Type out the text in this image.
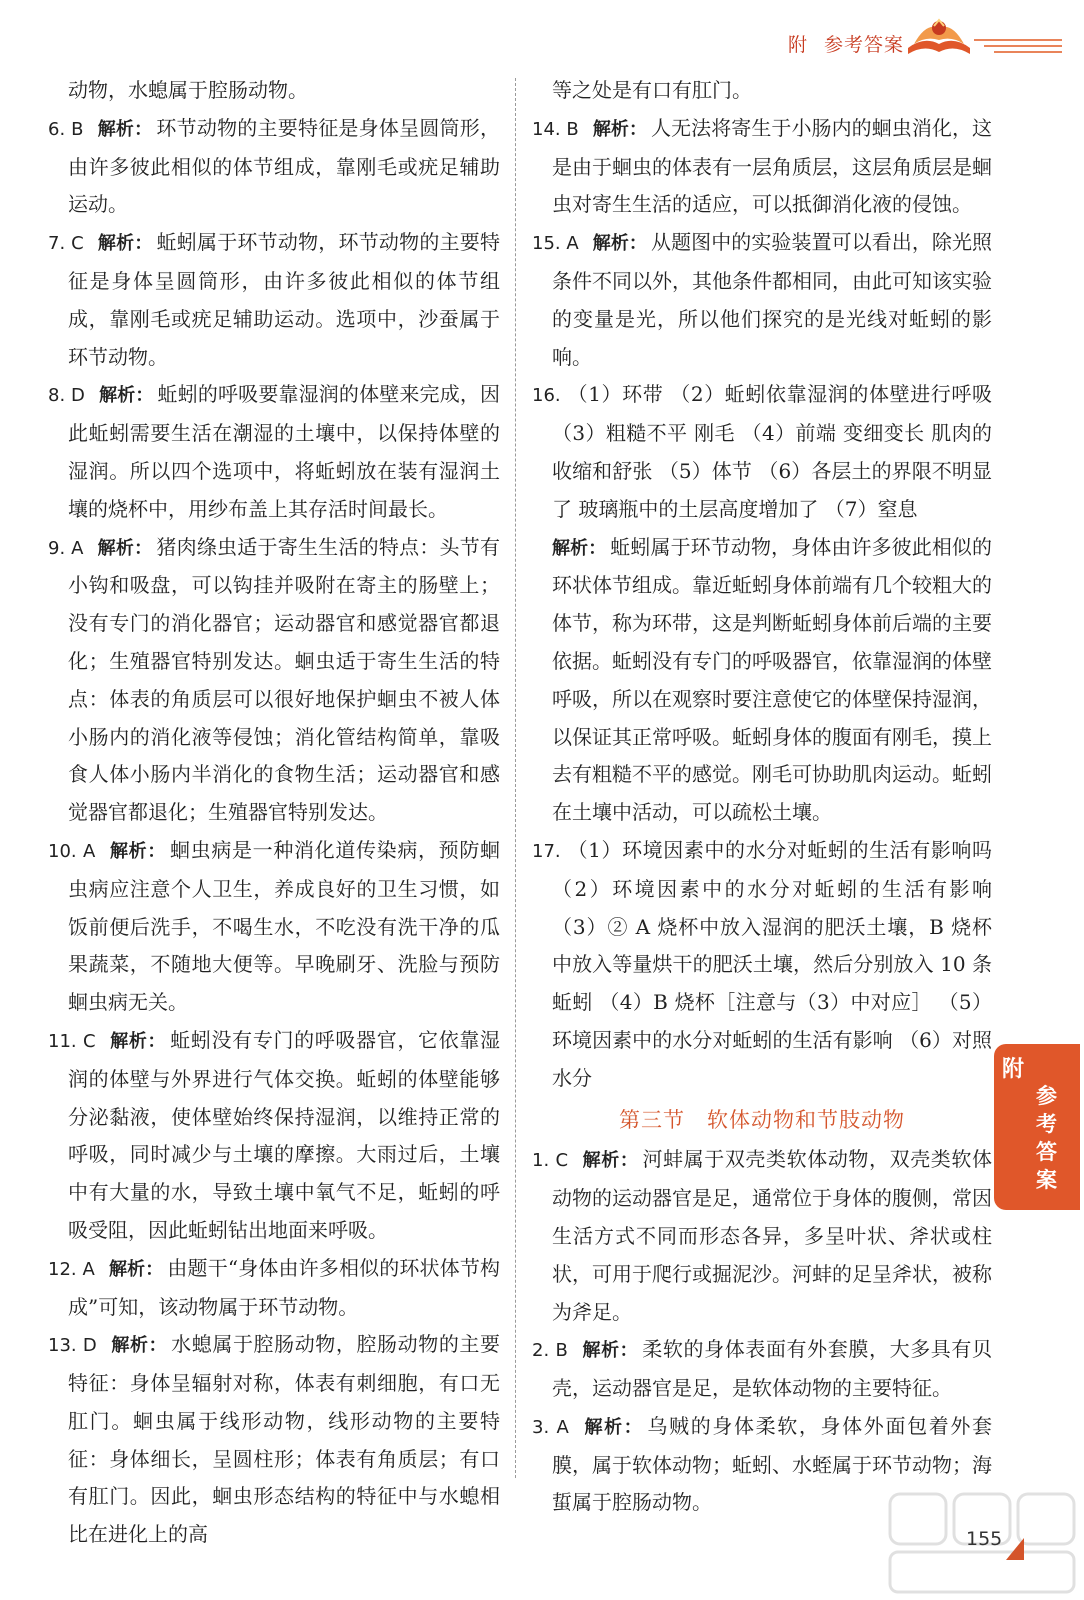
附 参考答案
动物，水螅属于腔肠动物。
6. B 解析： 环节动物的主要特征是身体呈圆筒形，由许多彼此相似的体节组成，靠刚毛或疣足辅助运动。
7. C 解析： 蚯蚓属于环节动物，环节动物的主要特征是身体呈圆筒形，由许多彼此相似的体节组成，靠刚毛或疣足辅助运动。选项中，沙蚕属于环节动物。
8. D 解析： 蚯蚓的呼吸要靠湿润的体壁来完成，因此蚯蚓需要生活在潮湿的土壤中，以保持体壁的湿润。所以四个选项中，将蚯蚓放在装有湿润土壤的烧杯中，用纱布盖上其存活时间最长。
9. A 解析： 猪肉绦虫适于寄生生活的特点：头节有小钩和吸盘，可以钩挂并吸附在寄主的肠壁上；没有专门的消化器官；运动器官和感觉器官都退化；生殖器官特别发达。蛔虫适于寄生生活的特点：体表的角质层可以很好地保护蛔虫不被人体小肠内的消化液等侵蚀；消化管结构简单，靠吸食人体小肠内半消化的食物生活；运动器官和感觉器官都退化；生殖器官特别发达。
10. A 解析： 蛔虫病是一种消化道传染病，预防蛔虫病应注意个人卫生，养成良好的卫生习惯，如饭前便后洗手，不喝生水，不吃没有洗干净的瓜果蔬菜，不随地大便等。早晚刷牙、洗脸与预防蛔虫病无关。
11. C 解析： 蚯蚓没有专门的呼吸器官，它依靠湿润的体壁与外界进行气体交换。蚯蚓的体壁能够分泌黏液，使体壁始终保持湿润，以维持正常的呼吸，同时减少与土壤的摩擦。大雨过后，土壤中有大量的水，导致土壤中氧气不足，蚯蚓的呼吸受阻，因此蚯蚓钻出地面来呼吸。
12. A 解析： 由题干“身体由许多相似的环状体节构成”可知，该动物属于环节动物。
13. D 解析： 水螅属于腔肠动物，腔肠动物的主要特征：身体呈辐射对称，体表有刺细胞，有口无肛门。蛔虫属于线形动物，线形动物的主要特征：身体细长，呈圆柱形；体表有角质层；有口有肛门。因此，蛔虫形态结构的特征中与水螅相比在进化上的高
等之处是有口有肛门。
14. B 解析： 人无法将寄生于小肠内的蛔虫消化，这是由于蛔虫的体表有一层角质层，这层角质层是蛔虫对寄生生活的适应，可以抵御消化液的侵蚀。
15. A 解析： 从题图中的实验装置可以看出，除光照条件不同以外，其他条件都相同，由此可知该实验的变量是光，所以他们探究的是光线对蚯蚓的影响。
16. （1）环带 （2）蚯蚓依靠湿润的体壁进行呼吸 （3）粗糙不平 刚毛 （4）前端 变细变长 肌肉的收缩和舒张 （5）体节 （6）各层土的界限不明显了 玻璃瓶中的土层高度增加了 （7）窒息
解析： 蚯蚓属于环节动物，身体由许多彼此相似的环状体节组成。靠近蚯蚓身体前端有几个较粗大的体节，称为环带，这是判断蚯蚓身体前后端的主要依据。蚯蚓没有专门的呼吸器官，依靠湿润的体壁呼吸，所以在观察时要注意使它的体壁保持湿润，以保证其正常呼吸。蚯蚓身体的腹面有刚毛，摸上去有粗糙不平的感觉。刚毛可协助肌肉运动。蚯蚓在土壤中活动，可以疏松土壤。
17. （1）环境因素中的水分对蚯蚓的生活有影响吗 （2）环境因素中的水分对蚯蚓的生活有影响 （3）② A 烧杯中放入湿润的肥沃土壤，B 烧杯中放入等量烘干的肥沃土壤，然后分别放入 10 条蚯蚓 （4）B 烧杯［注意与（3）中对应］ （5）环境因素中的水分对蚯蚓的生活有影响 （6）对照 水分
第三节 软体动物和节肢动物
1. C 解析： 河蚌属于双壳类软体动物，双壳类软体动物的运动器官是足，通常位于身体的腹侧，常因生活方式不同而形态各异，多呈叶状、斧状或柱状，可用于爬行或掘泥沙。河蚌的足呈斧状，被称为斧足。
2. B 解析： 柔软的身体表面有外套膜，大多具有贝壳，运动器官是足，是软体动物的主要特征。
3. A 解析： 乌贼的身体柔软，身体外面包着外套膜，属于软体动物；蚯蚓、水蛭属于环节动物；海蜇属于腔肠动物。
附
参考答案
155
